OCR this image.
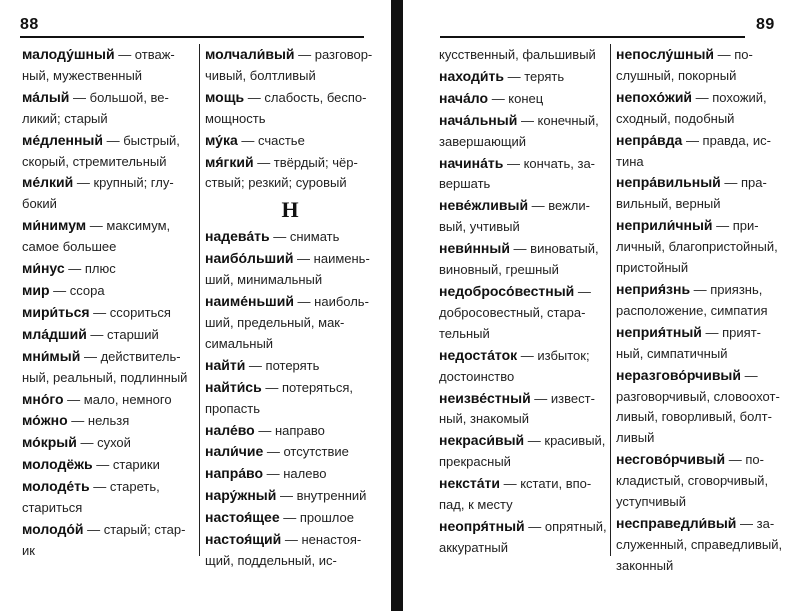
88
малоду́шный — отважный, мужественный
ма́лый — большой, великий; старый
ме́дленный — быстрый, скорый, стремительный
ме́лкий — крупный; глубокий
ми́нимум — максимум, самое большее
ми́нус — плюс
мир — ссора
мири́ться — ссориться
мла́дший — старший
мни́мый — действительный, реальный, подлинный
мно́го — мало, немного
мо́жно — нельзя
мо́крый — сухой
молодёжь — старики
молоде́ть — стареть, стариться
молодо́й — старый; старик
молчали́вый — разговорчивый, болтливый
мощь — слабость, беспомощность
му́ка — счастье
мя́гкий — твёрдый; чёрствый; резкий; суровый
Н
надева́ть — снимать
наибо́льший — наименьший, минимальный
наиме́ньший — наибольший, предельный, максимальный
найти́ — потерять
найти́сь — потеряться, пропасть
нале́во — направо
нали́чие — отсутствие
напра́во — налево
нару́жный — внутренний
настоя́щее — прошлое
настоя́щий — ненастоящий, поддельный, ис-
89
кусственный, фальшивый
находи́ть — терять
нача́ло — конец
нача́льный — конечный, завершающий
начина́ть — кончать, завершать
неве́жливый — вежливый, учтивый
неви́нный — виноватый, виновный, грешный
недобросо́вестный — добросовестный, старательный
недоста́ток — избыток; достоинство
неизве́стный — известный, знакомый
некраси́вый — красивый, прекрасный
некста́ти — кстати, впопад, к месту
неопря́тный — опрятный, аккуратный
непослу́шный — послушный, покорный
непохо́жий — похожий, сходный, подобный
непра́вда — правда, истина
непра́вильный — правильный, верный
неприли́чный — приличный, благопристойный, пристойный
неприя́знь — приязнь, расположение, симпатия
неприя́тный — приятный, симпатичный
неразгово́рчивый — разговорчивый, словоохотливый, говорливый, болтливый
несгово́рчивый — покладистый, сговорчивый, уступчивый
несправедли́вый — заслуженный, справедливый, законный
